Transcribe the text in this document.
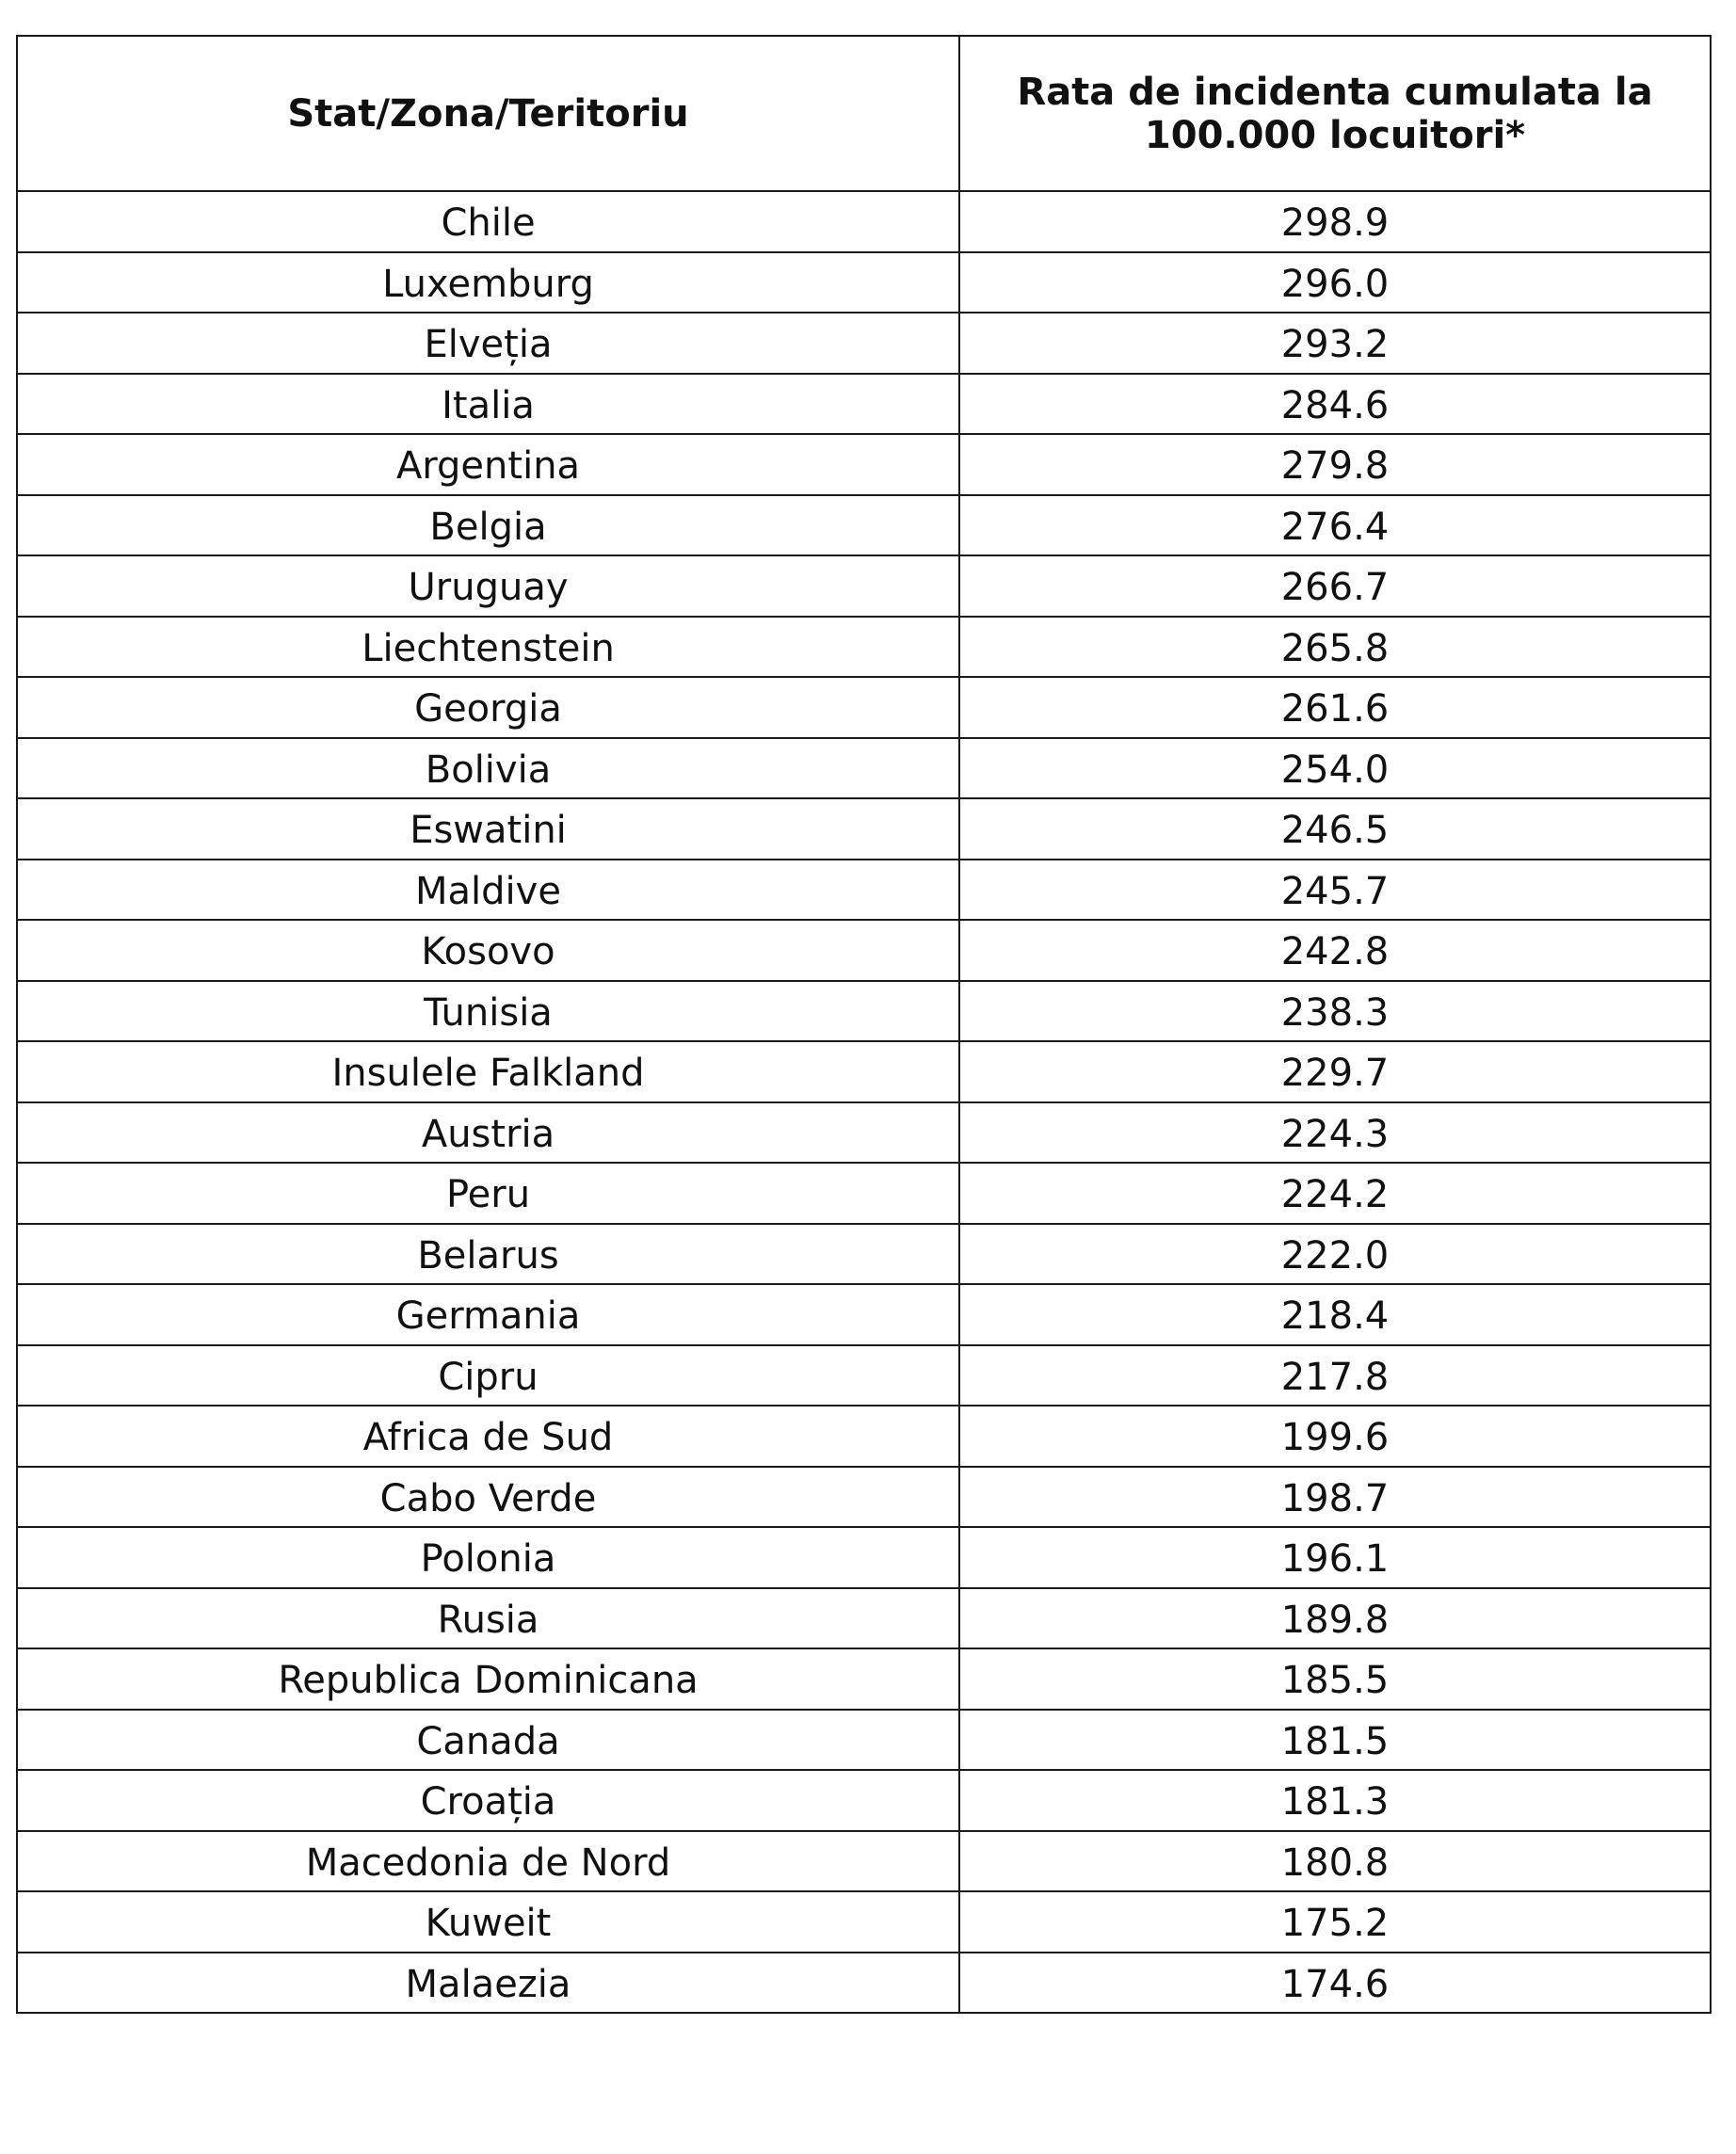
Stat/Zona/Teritoriu	Rata de incidenta cumulata la 100.000 locuitori*
Chile	298.9
Luxemburg	296.0
Elveția	293.2
Italia	284.6
Argentina	279.8
Belgia	276.4
Uruguay	266.7
Liechtenstein	265.8
Georgia	261.6
Bolivia	254.0
Eswatini	246.5
Maldive	245.7
Kosovo	242.8
Tunisia	238.3
Insulele Falkland	229.7
Austria	224.3
Peru	224.2
Belarus	222.0
Germania	218.4
Cipru	217.8
Africa de Sud	199.6
Cabo Verde	198.7
Polonia	196.1
Rusia	189.8
Republica Dominicana	185.5
Canada	181.5
Croația	181.3
Macedonia de Nord	180.8
Kuweit	175.2
Malaezia	174.6
